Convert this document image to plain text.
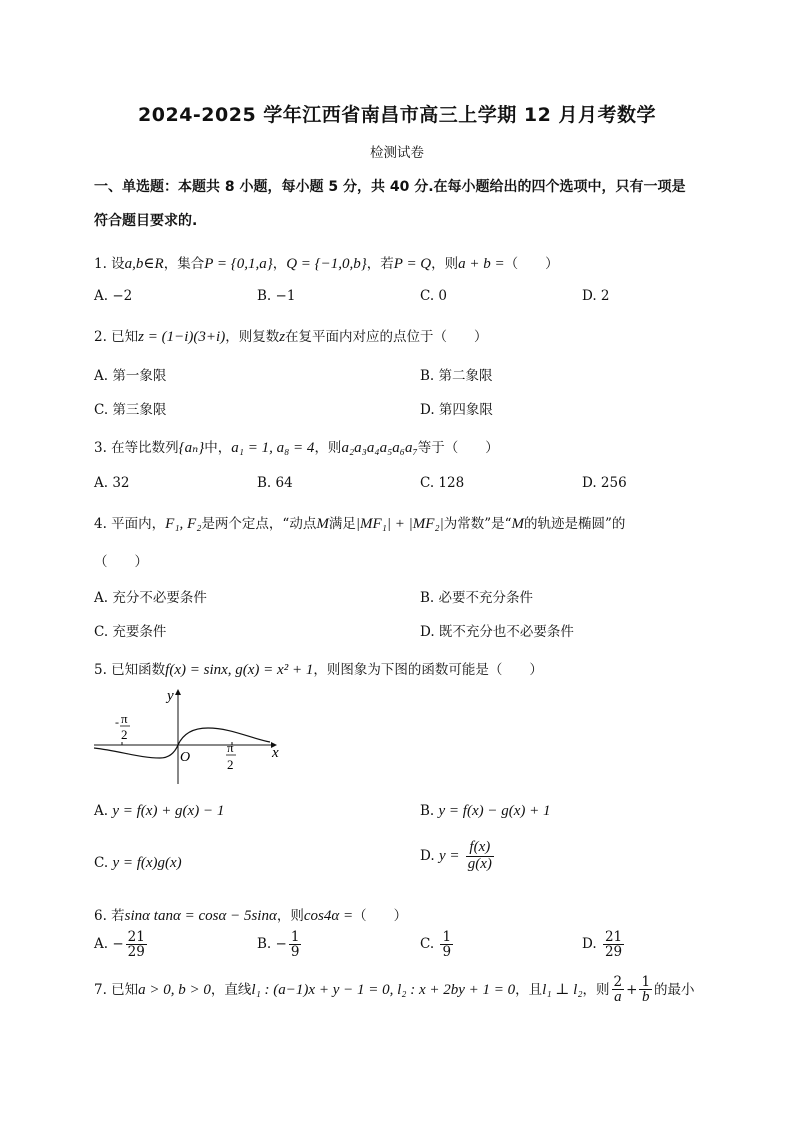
2024-2025 学年江西省南昌市高三上学期 12 月月考数学
检测试卷
一、单选题：本题共 8 小题，每小题 5 分，共 40 分.在每小题给出的四个选项中，只有一项是
符合题目要求的.
1. 设a,b∈R，集合P = {0,1,a}，Q = {−1,0,b}，若P = Q，则a + b =（　　）
A. −2	B. −1	C. 0	D. 2
2. 已知z = (1−i)(3+i)，则复数z在复平面内对应的点位于（　　）
A. 第一象限	B. 第二象限
C. 第三象限	D. 第四象限
3. 在等比数列{aₙ}中，a₁ = 1, a₈ = 4，则a₂a₃a₄a₅a₆a₇等于（　　）
A. 32	B. 64	C. 128	D. 256
4. 平面内，F₁, F₂是两个定点，“动点M满足|MF₁| + |MF₂|为常数”是“M的轨迹是椭圆”的
（　　）
A. 充分不必要条件	B. 必要不充分条件
C. 充要条件	D. 既不充分也不必要条件
5. 已知函数f(x) = sinx, g(x) = x² + 1，则图象为下图的函数可能是（　　）
y
x
O
- π
2
π
2
A. y = f(x) + g(x) − 1	B. y = f(x) − g(x) + 1
C. y = f(x)g(x)	D. $y = \frac{f(x)}{g(x)}$
6. 若sinα tanα = cosα − 5sinα，则cos4α =（　　）
A. − $\frac{21}{29}$	B. − $\frac{1}{9}$	C. $\frac{1}{9}$	D. $\frac{21}{29}$
7. 已知a > 0, b > 0，直线l₁ : (a−1)x + y − 1 = 0, l₂ : x + 2by + 1 = 0，且l₁ ⊥ l₂，则 $\frac{2}{a} + \frac{1}{b}$ 的最小
